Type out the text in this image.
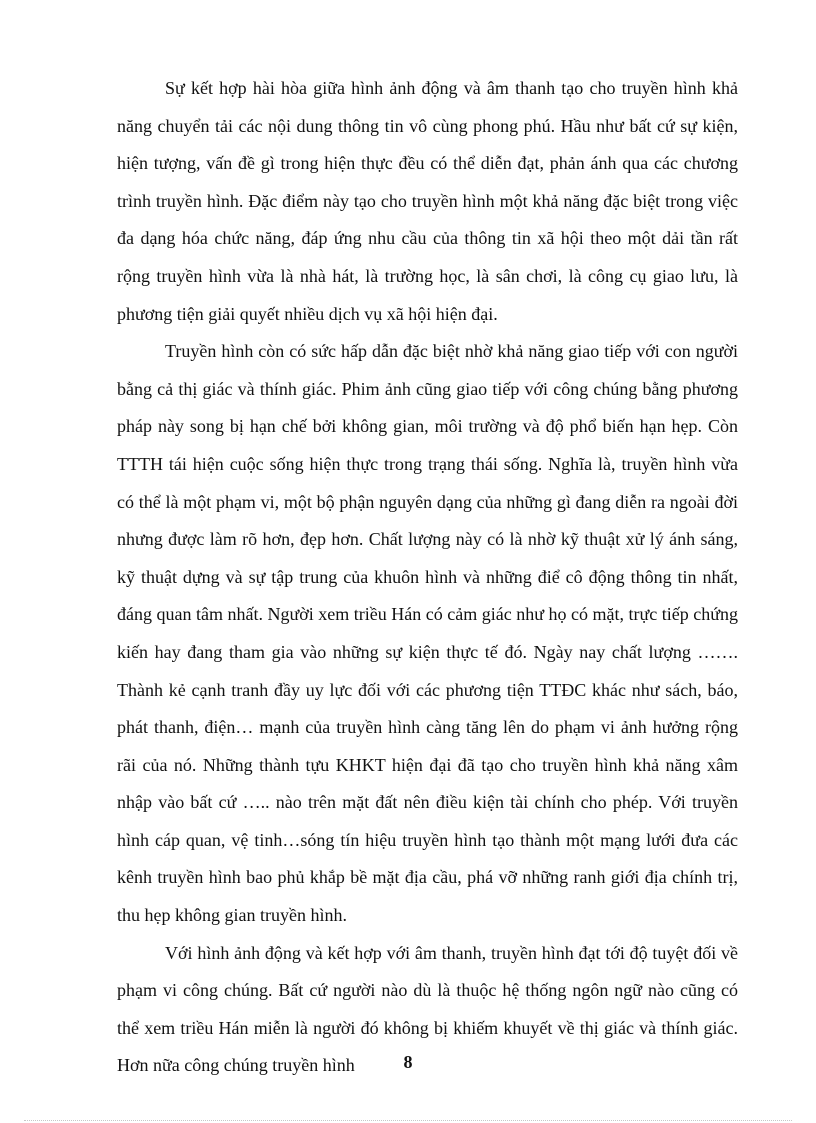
Sự kết hợp hài hòa giữa hình ảnh động và âm thanh tạo cho truyền hình khả năng chuyển tải các nội dung thông tin vô cùng phong phú. Hầu như bất cứ sự kiện, hiện tượng, vấn đề gì trong hiện thực đều có thể diễn đạt, phản ánh qua các chương trình truyền hình. Đặc điểm này tạo cho truyền hình một khả năng đặc biệt trong việc đa dạng hóa chức năng, đáp ứng nhu cầu của thông tin xã hội theo một dải tần rất rộng truyền hình vừa là nhà hát, là trường học, là sân chơi, là công cụ giao lưu, là phương tiện giải quyết nhiều dịch vụ xã hội hiện đại.

Truyền hình còn có sức hấp dẫn đặc biệt nhờ khả năng giao tiếp với con người bằng cả thị giác và thính giác. Phim ảnh cũng giao tiếp với công chúng bằng phương pháp này song bị hạn chế bởi không gian, môi trường và độ phổ biến hạn hẹp. Còn TTTH tái hiện cuộc sống hiện thực trong trạng thái sống. Nghĩa là, truyền hình vừa có thể là một phạm vi, một bộ phận nguyên dạng của những gì đang diễn ra ngoài đời nhưng được làm rõ hơn, đẹp hơn. Chất lượng này có là nhờ kỹ thuật xử lý ánh sáng, kỹ thuật dựng và sự tập trung của khuôn hình và những điể cô động thông tin nhất, đáng quan tâm nhất. Người xem triều Hán có cảm giác như họ có mặt, trực tiếp chứng kiến hay đang tham gia vào những sự kiện thực tế đó. Ngày nay chất lượng ……. Thành kẻ cạnh tranh đầy uy lực đối với các phương tiện TTĐC khác như sách, báo, phát thanh, điện… mạnh của truyền hình càng tăng lên do phạm vi ảnh hưởng rộng rãi của nó. Những thành tựu KHKT hiện đại đã tạo cho truyền hình khả năng xâm nhập vào bất cứ ….. nào trên mặt đất nên điều kiện tài chính cho phép. Với truyền hình cáp quan, vệ tinh…sóng tín hiệu truyền hình tạo thành một mạng lưới đưa các kênh truyền hình bao phủ khắp bề mặt địa cầu, phá vỡ những ranh giới địa chính trị, thu hẹp không gian truyền hình.

Với hình ảnh động và kết hợp với âm thanh, truyền hình đạt tới độ tuyệt đối về phạm vi công chúng. Bất cứ người nào dù là thuộc hệ thống ngôn ngữ nào cũng có thể xem triều Hán miễn là người đó không bị khiếm khuyết về thị giác và thính giác. Hơn nữa công chúng truyền hình	8
